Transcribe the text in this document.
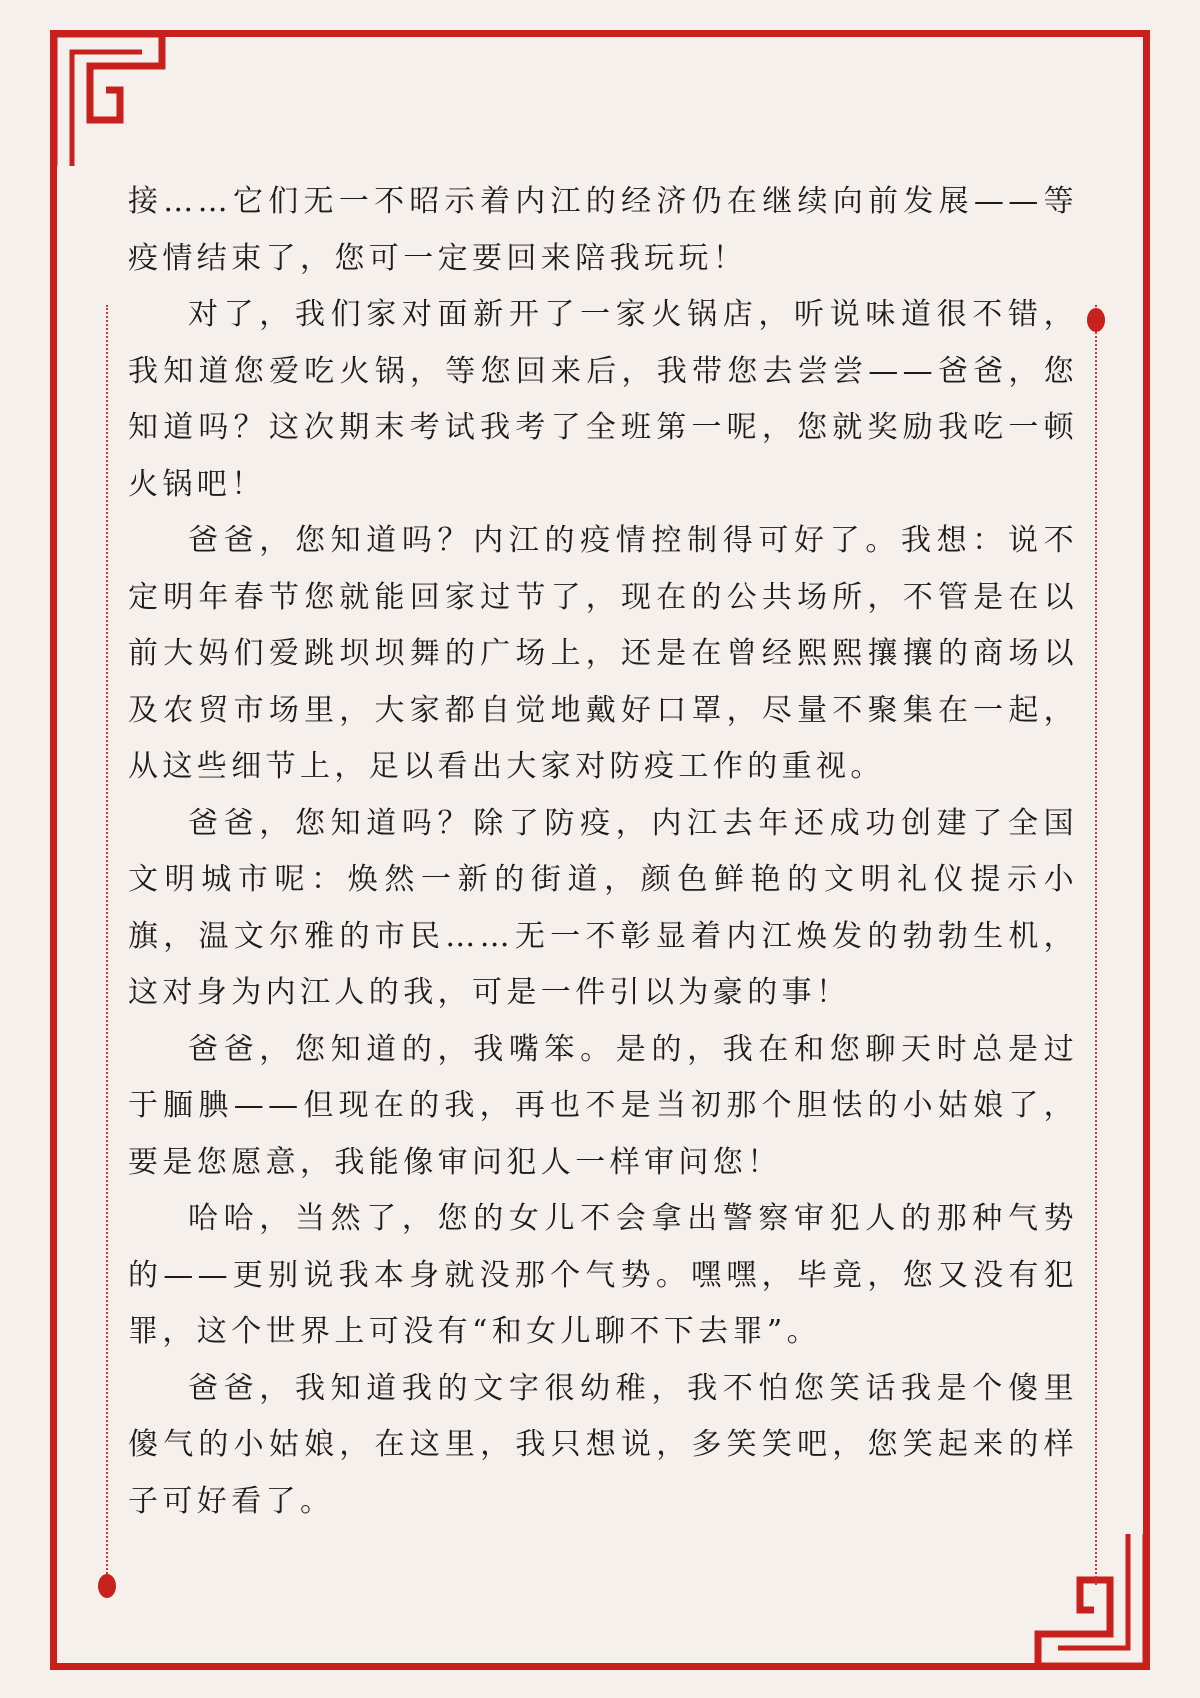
接……它们无一不昭示着内江的经济仍在继续向前发展——等疫情结束了，您可一定要回来陪我玩玩！

对了，我们家对面新开了一家火锅店，听说味道很不错，我知道您爱吃火锅，等您回来后，我带您去尝尝——爸爸，您知道吗？这次期末考试我考了全班第一呢，您就奖励我吃一顿火锅吧！

爸爸，您知道吗？内江的疫情控制得可好了。我想：说不定明年春节您就能回家过节了，现在的公共场所，不管是在以前大妈们爱跳坝坝舞的广场上，还是在曾经熙熙攘攘的商场以及农贸市场里，大家都自觉地戴好口罩，尽量不聚集在一起，从这些细节上，足以看出大家对防疫工作的重视。

爸爸，您知道吗？除了防疫，内江去年还成功创建了全国文明城市呢：焕然一新的街道，颜色鲜艳的文明礼仪提示小旗，温文尔雅的市民……无一不彰显着内江焕发的勃勃生机，这对身为内江人的我，可是一件引以为豪的事！

爸爸，您知道的，我嘴笨。是的，我在和您聊天时总是过于腼腆——但现在的我，再也不是当初那个胆怯的小姑娘了，要是您愿意，我能像审问犯人一样审问您！

哈哈，当然了，您的女儿不会拿出警察审犯人的那种气势的——更别说我本身就没那个气势。嘿嘿，毕竟，您又没有犯罪，这个世界上可没有“和女儿聊不下去罪”。

爸爸，我知道我的文字很幼稚，我不怕您笑话我是个傻里傻气的小姑娘，在这里，我只想说，多笑笑吧，您笑起来的样子可好看了。
